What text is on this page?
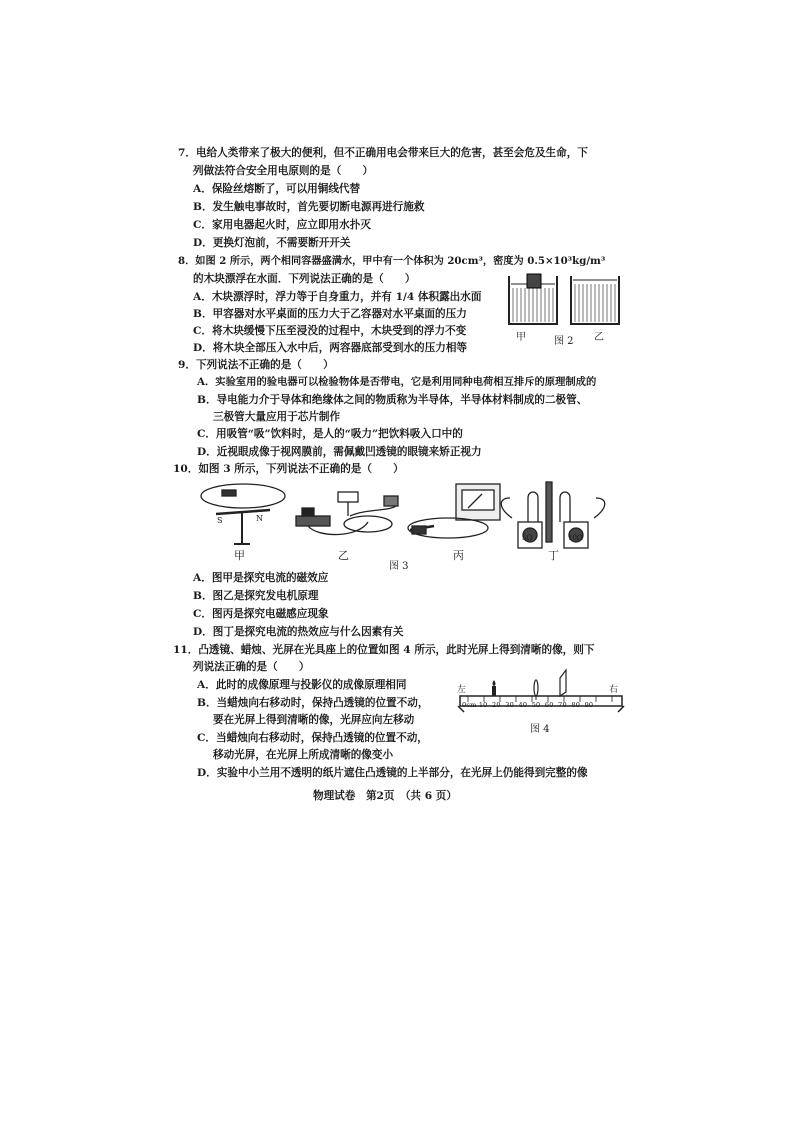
7．电给人类带来了极大的便利，但不正确用电会带来巨大的危害，甚至会危及生命，下
列做法符合安全用电原则的是（　　）
A．保险丝熔断了，可以用铜线代替
B．发生触电事故时，首先要切断电源再进行施救
C．家用电器起火时，应立即用水扑灭
D．更换灯泡前，不需要断开开关
8．如图 2 所示，两个相同容器盛满水，甲中有一个体积为 20cm³，密度为 0.5×10³kg/m³
的木块漂浮在水面．下列说法正确的是（　　）
A．木块漂浮时，浮力等于自身重力，并有 1/4 体积露出水面
B．甲容器对水平桌面的压力大于乙容器对水平桌面的压力
C．将木块缓慢下压至浸没的过程中，木块受到的浮力不变
D．将木块全部压入水中后，两容器底部受到水的压力相等
甲	图 2 乙
9．下列说法不正确的是（　　）
A．实验室用的验电器可以检验物体是否带电，它是利用同种电荷相互排斥的原理制成的
B．导电能力介于导体和绝缘体之间的物质称为半导体，半导体材料制成的二极管、
三极管大量应用于芯片制作
C．用吸管“吸”饮料时，是人的“吸力”把饮料吸入口中的
D．近视眼成像于视网膜前，需佩戴凹透镜的眼镜来矫正视力
10．如图 3 所示，下列说法不正确的是（　　）
S	N
5Ω	10Ω
甲	乙	丙	丁
图 3
A．图甲是探究电流的磁效应
B．图乙是探究发电机原理
C．图丙是探究电磁感应现象
D．图丁是探究电流的热效应与什么因素有关
11．凸透镜、蜡烛、光屏在光具座上的位置如图 4 所示，此时光屏上得到清晰的像，则下
列说法正确的是（　　）
A．此时的成像原理与投影仪的成像原理相同
B．当蜡烛向右移动时，保持凸透镜的位置不动，
要在光屏上得到清晰的像，光屏应向左移动
C．当蜡烛向右移动时，保持凸透镜的位置不动，
移动光屏，在光屏上所成清晰的像变小
D．实验中小兰用不透明的纸片遮住凸透镜的上半部分，在光屏上仍能得到完整的像
左	右
0cm 10 20 30 40 50 60 70 80 90
图 4
物理试卷　第2页　（共 6 页）
